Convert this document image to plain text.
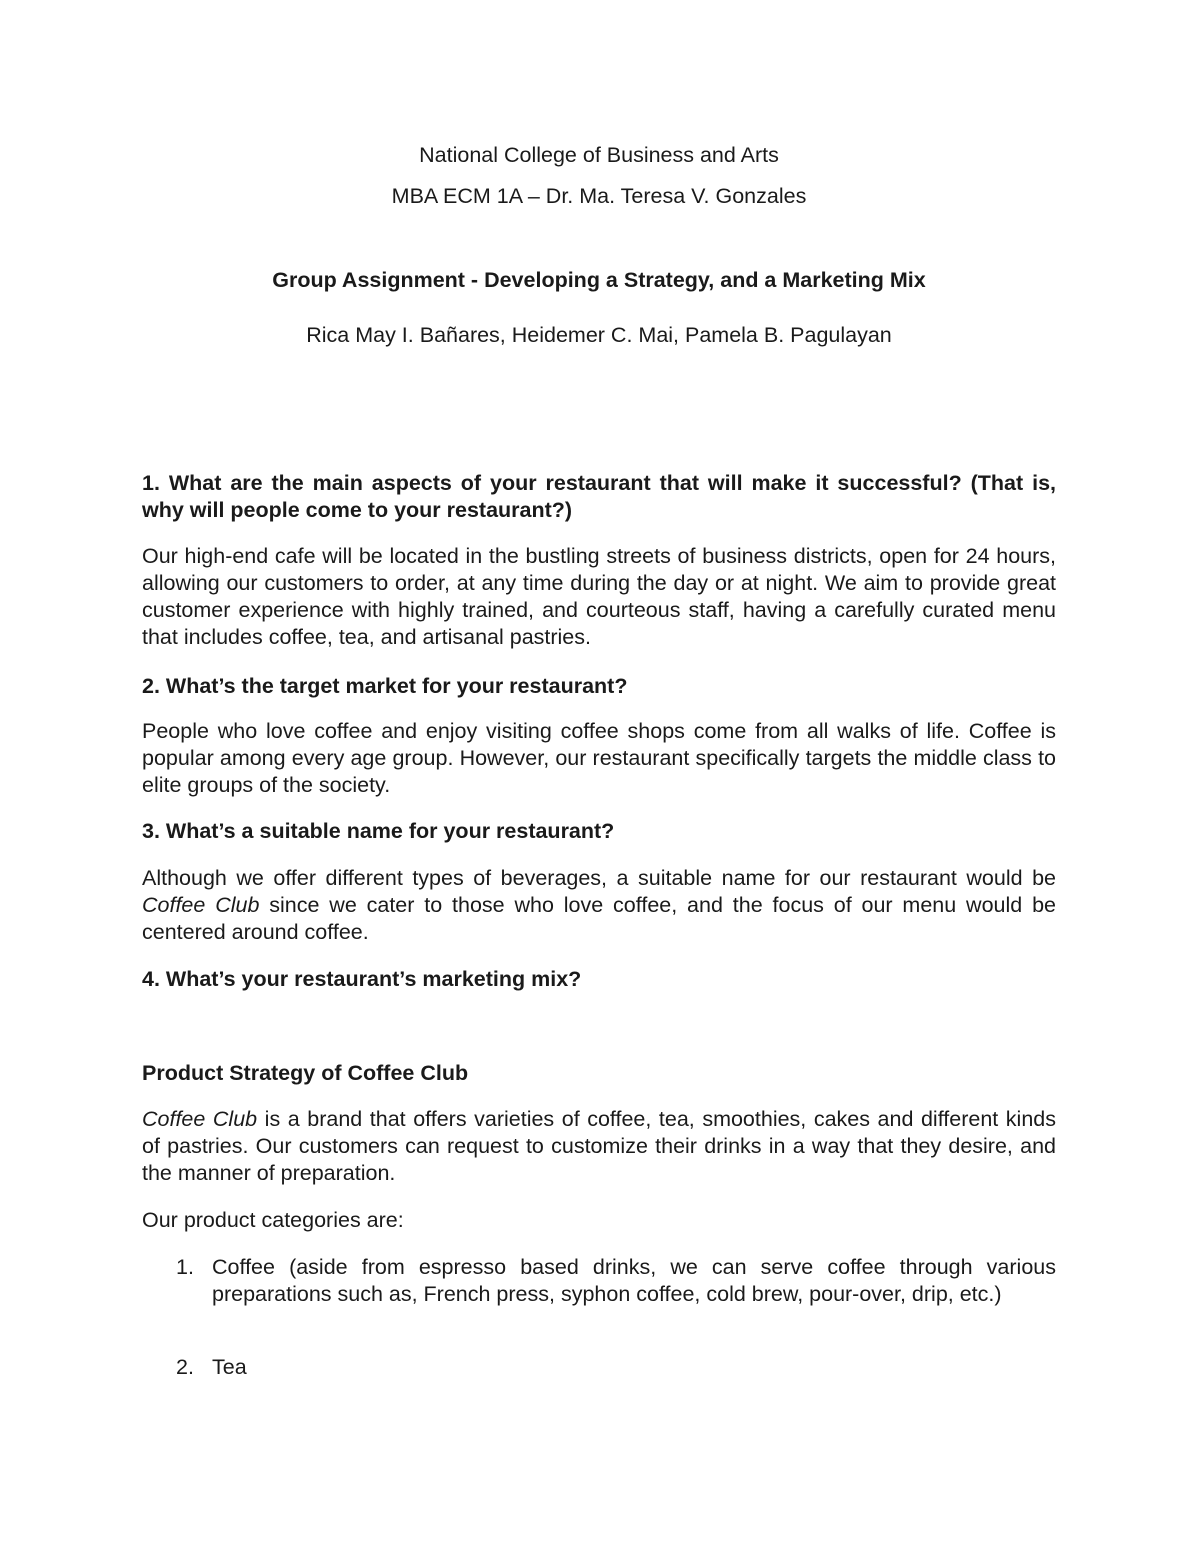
National College of Business and Arts
MBA ECM 1A – Dr. Ma. Teresa V. Gonzales
Group Assignment - Developing a Strategy, and a Marketing Mix
Rica May I. Bañares, Heidemer C. Mai, Pamela B. Pagulayan
1. What are the main aspects of your restaurant that will make it successful? (That is, why will people come to your restaurant?)
Our high-end cafe will be located in the bustling streets of business districts, open for 24 hours, allowing our customers to order, at any time during the day or at night. We aim to provide great customer experience with highly trained, and courteous staff, having a carefully curated menu that includes coffee, tea, and artisanal pastries.
2. What’s the target market for your restaurant?
People who love coffee and enjoy visiting coffee shops come from all walks of life. Coffee is popular among every age group. However, our restaurant specifically targets the middle class to elite groups of the society.
3. What’s a suitable name for your restaurant?
Although we offer different types of beverages, a suitable name for our restaurant would be Coffee Club since we cater to those who love coffee, and the focus of our menu would be centered around coffee.
4. What’s your restaurant’s marketing mix?
Product Strategy of Coffee Club
Coffee Club is a brand that offers varieties of coffee, tea, smoothies, cakes and different kinds of pastries. Our customers can request to customize their drinks in a way that they desire, and the manner of preparation.
Our product categories are:
1. Coffee (aside from espresso based drinks, we can serve coffee through various preparations such as, French press, syphon coffee, cold brew, pour-over, drip, etc.)
2. Tea
